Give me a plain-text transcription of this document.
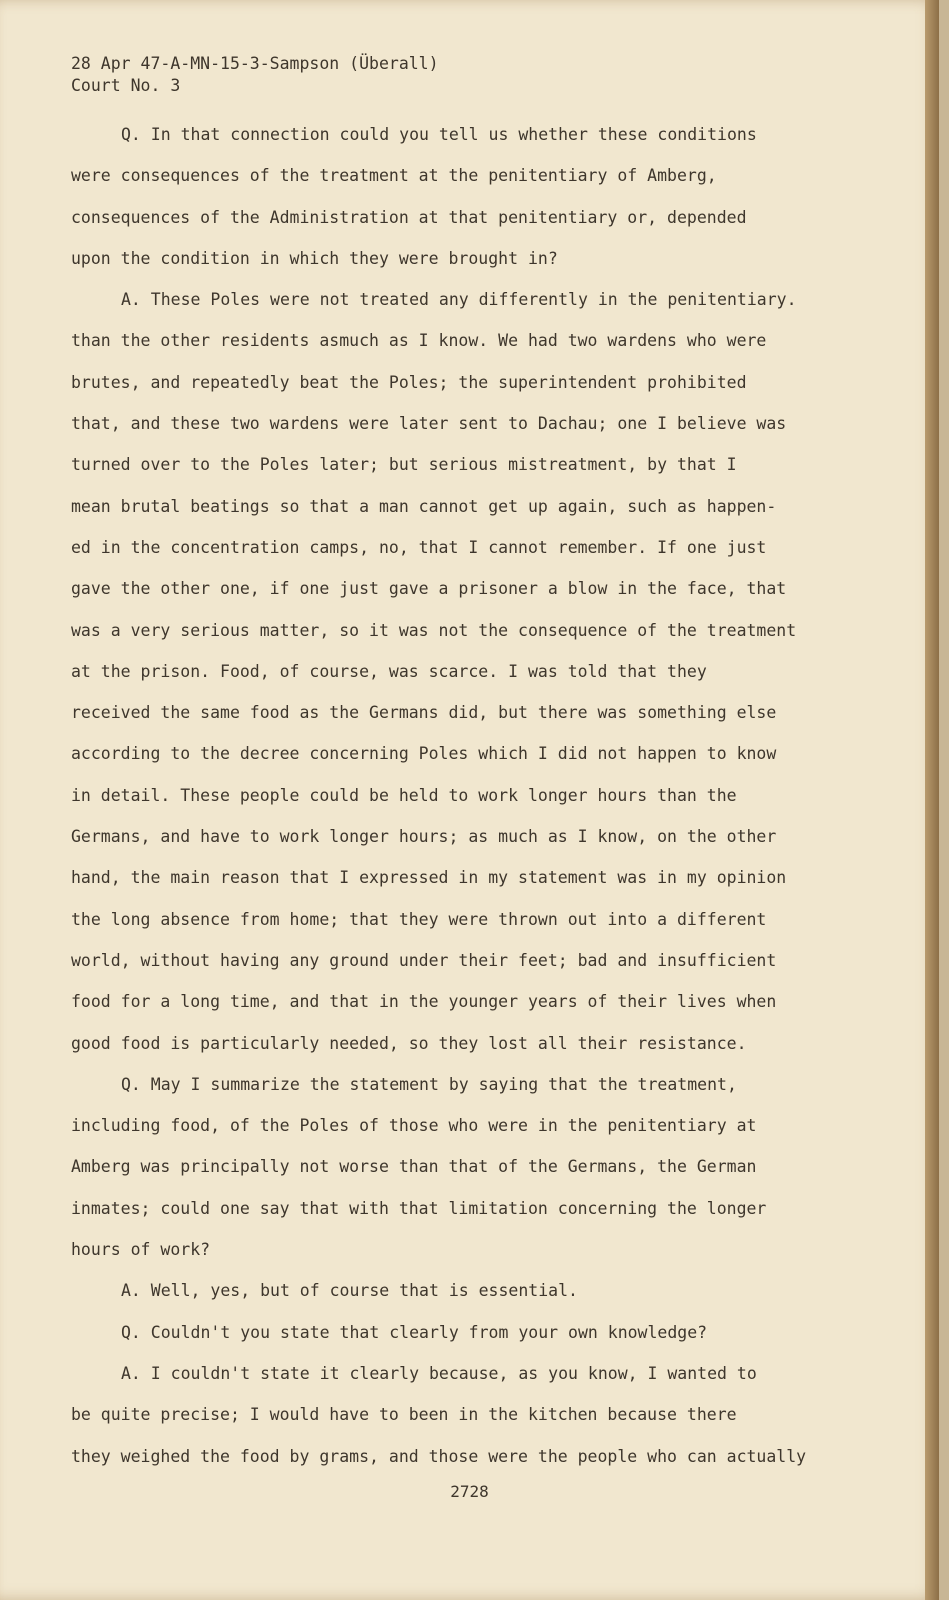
28 Apr 47-A-MN-15-3-Sampson (Überall)
Court No. 3
Q. In that connection could you tell us whether these conditions
were consequences of the treatment at the penitentiary of Amberg,
consequences of the Administration at that penitentiary or, depended
upon the condition in which they were brought in?
A. These Poles were not treated any differently in the penitentiary.
than the other residents asmuch as I know. We had two wardens who were
brutes, and repeatedly beat the Poles; the superintendent prohibited
that, and these two wardens were later sent to Dachau; one I believe was
turned over to the Poles later; but serious mistreatment, by that I
mean brutal beatings so that a man cannot get up again, such as happen-
ed in the concentration camps, no, that I cannot remember. If one just
gave the other one, if one just gave a prisoner a blow in the face, that
was a very serious matter, so it was not the consequence of the treatment
at the prison. Food, of course, was scarce. I was told that they
received the same food as the Germans did, but there was something else
according to the decree concerning Poles which I did not happen to know
in detail. These people could be held to work longer hours than the
Germans, and have to work longer hours; as much as I know, on the other
hand, the main reason that I expressed in my statement was in my opinion
the long absence from home; that they were thrown out into a different
world, without having any ground under their feet; bad and insufficient
food for a long time, and that in the younger years of their lives when
good food is particularly needed, so they lost all their resistance.
Q. May I summarize the statement by saying that the treatment,
including food, of the Poles of those who were in the penitentiary at
Amberg was principally not worse than that of the Germans, the German
inmates; could one say that with that limitation concerning the longer
hours of work?
A. Well, yes, but of course that is essential.
Q. Couldn't you state that clearly from your own knowledge?
A. I couldn't state it clearly because, as you know, I wanted to
be quite precise; I would have to been in the kitchen because there
they weighed the food by grams, and those were the people who can actually
2728
